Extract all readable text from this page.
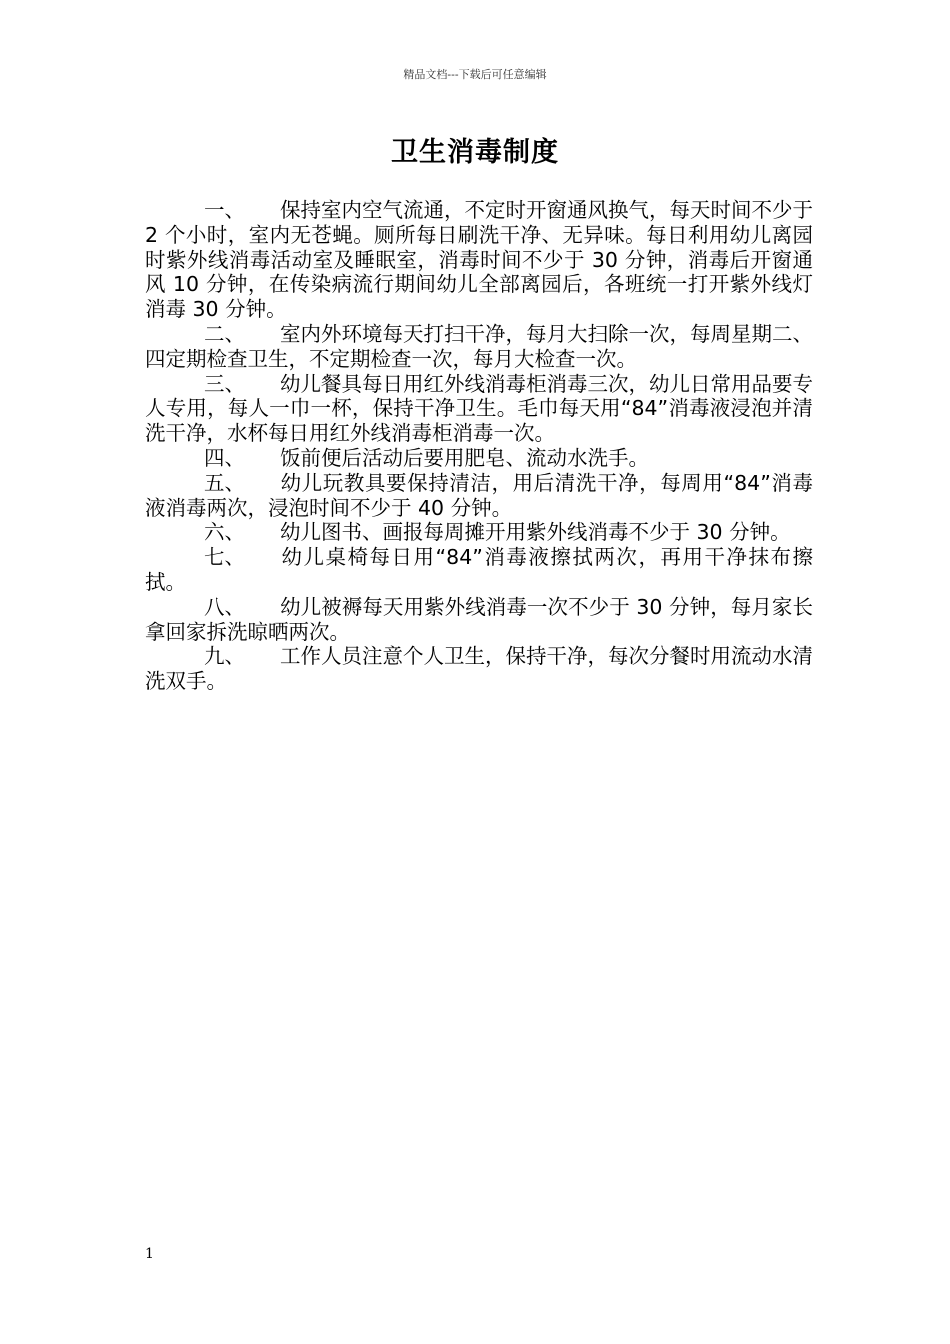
精品文档---下载后可任意编辑
卫生消毒制度

一、 保持室内空气流通，不定时开窗通风换气，每天时间不少于 2 个小时，室内无苍蝇。厕所每日刷洗干净、无异味。每日利用幼儿离园时紫外线消毒活动室及睡眠室，消毒时间不少于 30 分钟，消毒后开窗通风 10 分钟，在传染病流行期间幼儿全部离园后，各班统一打开紫外线灯消毒 30 分钟。

二、 室内外环境每天打扫干净，每月大扫除一次，每周星期二、四定期检查卫生，不定期检查一次，每月大检查一次。

三、 幼儿餐具每日用红外线消毒柜消毒三次，幼儿日常用品要专人专用，每人一巾一杯，保持干净卫生。毛巾每天用“84”消毒液浸泡并清洗干净，水杯每日用红外线消毒柜消毒一次。

四、 饭前便后活动后要用肥皂、流动水洗手。

五、 幼儿玩教具要保持清洁，用后清洗干净，每周用“84”消毒液消毒两次，浸泡时间不少于 40 分钟。

六、 幼儿图书、画报每周摊开用紫外线消毒不少于 30 分钟。

七、 幼儿桌椅每日用“84”消毒液擦拭两次，再用干净抹布擦拭。

八、 幼儿被褥每天用紫外线消毒一次不少于 30 分钟，每月家长拿回家拆洗晾晒两次。

九、 工作人员注意个人卫生，保持干净，每次分餐时用流动水清洗双手。

1
